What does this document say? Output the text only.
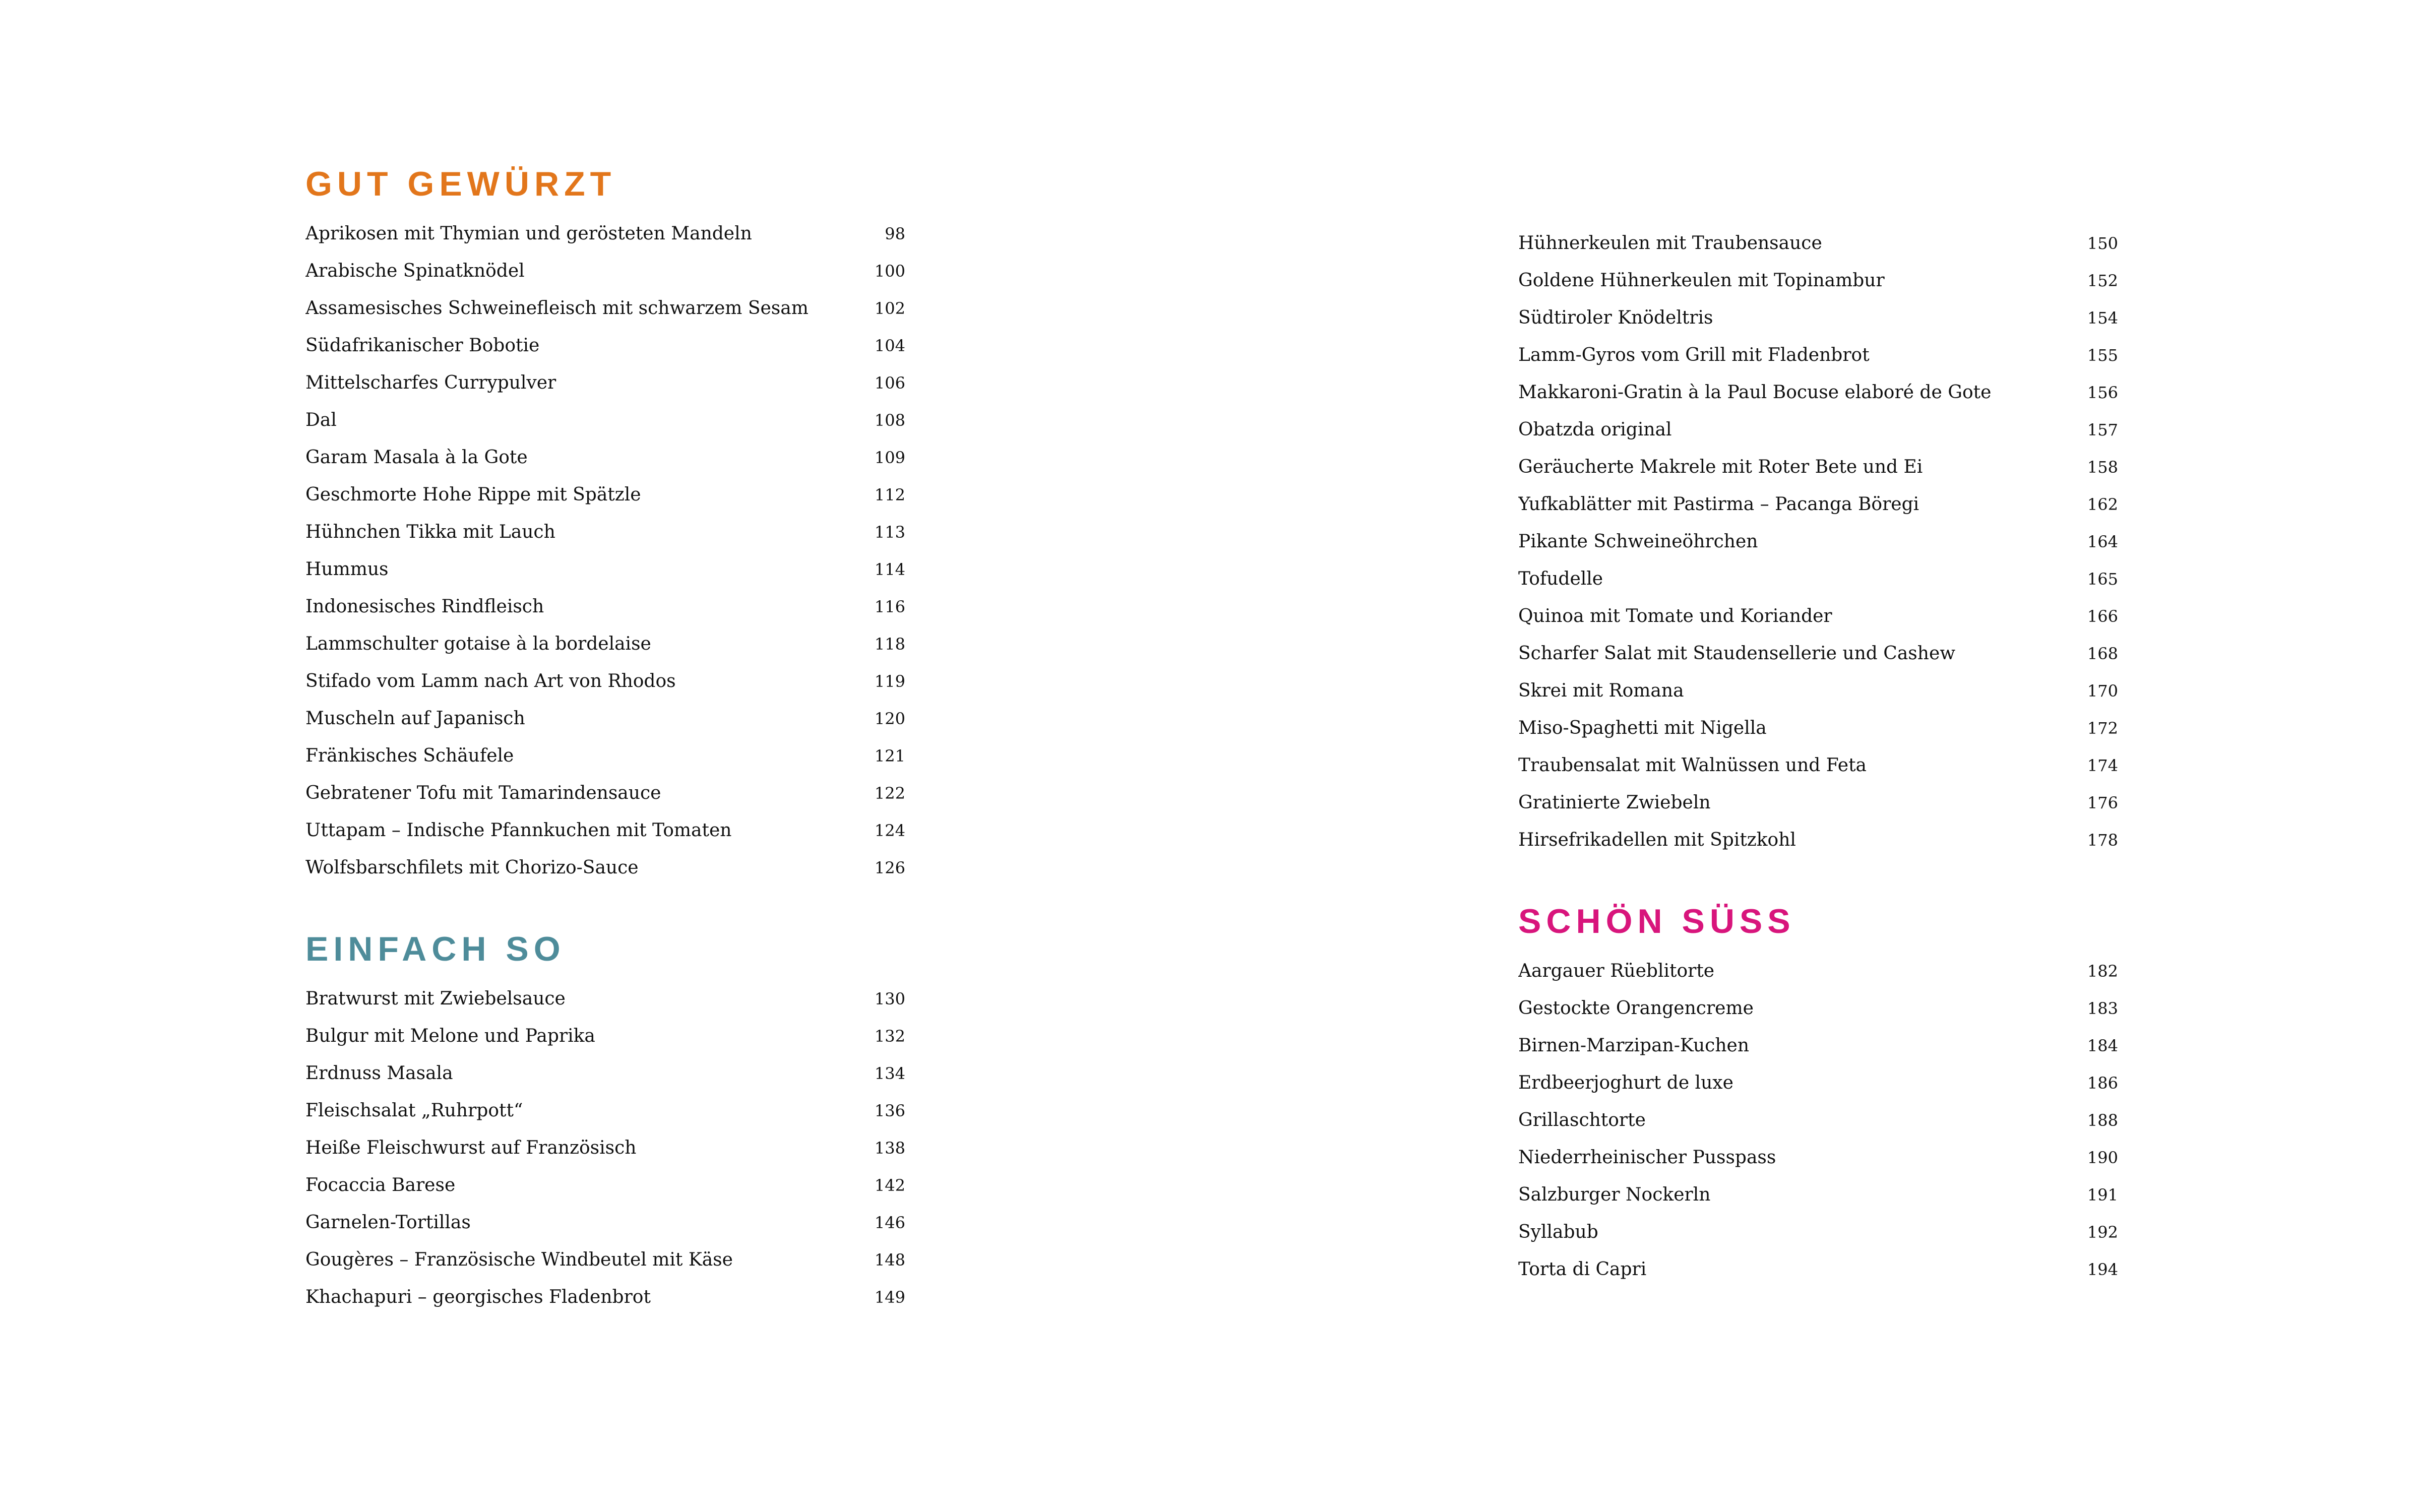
GUT GEWÜRZT
Aprikosen mit Thymian und gerösteten Mandeln	98
Arabische Spinatknödel	100
Assamesisches Schweinefleisch mit schwarzem Sesam	102
Südafrikanischer Bobotie	104
Mittelscharfes Currypulver	106
Dal	108
Garam Masala à la Gote	109
Geschmorte Hohe Rippe mit Spätzle	112
Hühnchen Tikka mit Lauch	113
Hummus	114
Indonesisches Rindfleisch	116
Lammschulter gotaise à la bordelaise	118
Stifado vom Lamm nach Art von Rhodos	119
Muscheln auf Japanisch	120
Fränkisches Schäufele	121
Gebratener Tofu mit Tamarindensauce	122
Uttapam – Indische Pfannkuchen mit Tomaten	124
Wolfsbarschfilets mit Chorizo-Sauce	126
EINFACH SO
Bratwurst mit Zwiebelsauce	130
Bulgur mit Melone und Paprika	132
Erdnuss Masala	134
Fleischsalat „Ruhrpott“	136
Heiße Fleischwurst auf Französisch	138
Focaccia Barese	142
Garnelen-Tortillas	146
Gougères – Französische Windbeutel mit Käse	148
Khachapuri – georgisches Fladenbrot	149
Hühnerkeulen mit Traubensauce	150
Goldene Hühnerkeulen mit Topinambur	152
Südtiroler Knödeltris	154
Lamm-Gyros vom Grill mit Fladenbrot	155
Makkaroni-Gratin à la Paul Bocuse elaboré de Gote	156
Obatzda original	157
Geräucherte Makrele mit Roter Bete und Ei	158
Yufkablätter mit Pastirma – Pacanga Böregi	162
Pikante Schweineöhrchen	164
Tofudelle	165
Quinoa mit Tomate und Koriander	166
Scharfer Salat mit Staudensellerie und Cashew	168
Skrei mit Romana	170
Miso-Spaghetti mit Nigella	172
Traubensalat mit Walnüssen und Feta	174
Gratinierte Zwiebeln	176
Hirsefrikadellen mit Spitzkohl	178
SCHÖN SÜSS
Aargauer Rüeblitorte	182
Gestockte Orangencreme	183
Birnen-Marzipan-Kuchen	184
Erdbeerjoghurt de luxe	186
Grillaschtorte	188
Niederrheinischer Pusspass	190
Salzburger Nockerln	191
Syllabub	192
Torta di Capri	194
